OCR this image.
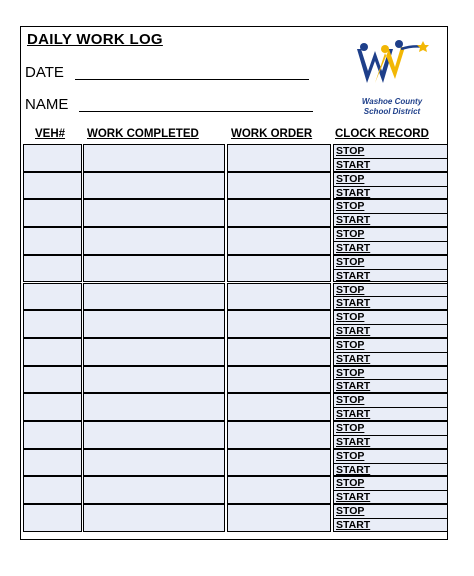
DAILY WORK LOG
DATE
NAME	Washoe County
School District
VEH# WORK COMPLETED	WORK ORDER CLOCK RECORD
STOP
START
STOP
START
STOP
START
STOP
START
STOP
START
STOP
START
STOP
START
STOP
START
STOP
START
STOP
START
STOP
START
STOP
START
STOP
START
STOP
START
